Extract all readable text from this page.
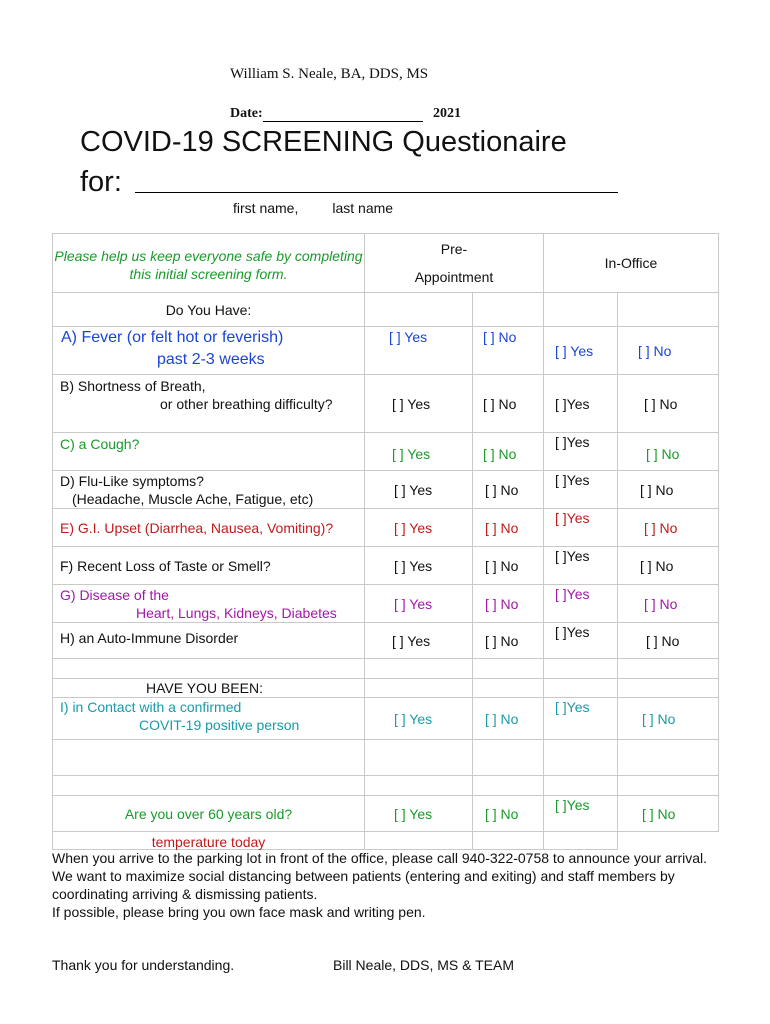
William S. Neale, BA, DDS, MS
Date:	2021
COVID-19 SCREENING Questionaire
for:
first name, last name
Please help us keep everyone safe by completing this initial screening form.	Pre-
Appointment		In-Office	
Do You Have:				

A) Fever (or felt hot or feverish)
past 2-3 weeks	[ ] Yes	[ ] No	[ ] Yes	[ ] No

B) Shortness of Breath,
or other breathing difficulty?	[ ] Yes	[ ] No	[ ]Yes	[ ] No
C) a Cough?	[ ] Yes	[ ] No	[ ]Yes	[ ] No

D) Flu-Like symptoms?
(Headache, Muscle Ache, Fatigue, etc)	[ ] Yes	[ ] No	[ ]Yes	[ ] No
E) G.I. Upset (Diarrhea, Nausea, Vomiting)?	[ ] Yes	[ ] No	[ ]Yes	[ ] No
F) Recent Loss of Taste or Smell?	[ ] Yes	[ ] No	[ ]Yes	[ ] No

G) Disease of the
Heart, Lungs, Kidneys, Diabetes	[ ] Yes	[ ] No	[ ]Yes	[ ] No
H) an Auto-Immune Disorder	[ ] Yes	[ ] No	[ ]Yes	[ ] No

HAVE YOU BEEN:				

I) in Contact with a confirmed
COVIT-19 positive person	[ ] Yes	[ ] No	[ ]Yes	[ ] No

Are you over 60 years old?	[ ] Yes	[ ] No	[ ]Yes	[ ] No
temperature today				
When you arrive to the parking lot in front of the office, please call 940-322-0758 to announce your arrival.
We want to maximize social distancing between patients (entering and exiting) and staff members by coordinating arriving & dismissing patients.
If possible, please bring you own face mask and writing pen.
Thank you for understanding.	Bill Neale, DDS, MS & TEAM
